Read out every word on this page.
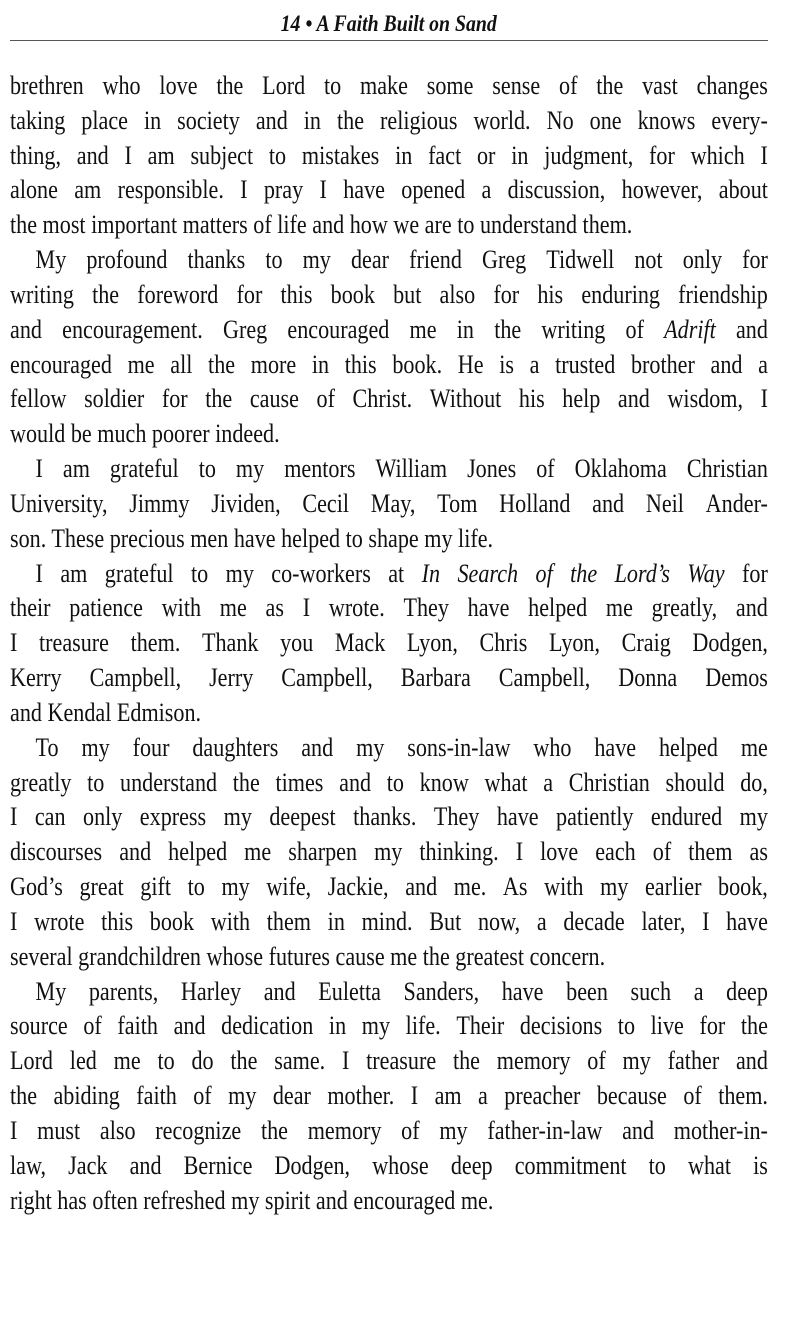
14 • A Faith Built on Sand
brethren who love the Lord to make some sense of the vast changes
taking place in society and in the religious world. No one knows every-
thing, and I am subject to mistakes in fact or in judgment, for which I
alone am responsible. I pray I have opened a discussion, however, about
the most important matters of life and how we are to understand them.
My profound thanks to my dear friend Greg Tidwell not only for
writing the foreword for this book but also for his enduring friendship
and encouragement. Greg encouraged me in the writing of Adrift and
encouraged me all the more in this book. He is a trusted brother and a
fellow soldier for the cause of Christ. Without his help and wisdom, I
would be much poorer indeed.
I am grateful to my mentors William Jones of Oklahoma Christian
University, Jimmy Jividen, Cecil May, Tom Holland and Neil Ander-
son. These precious men have helped to shape my life.
I am grateful to my co-workers at In Search of the Lord’s Way for
their patience with me as I wrote. They have helped me greatly, and
I treasure them. Thank you Mack Lyon, Chris Lyon, Craig Dodgen,
Kerry Campbell, Jerry Campbell, Barbara Campbell, Donna Demos
and Kendal Edmison.
To my four daughters and my sons-in-law who have helped me
greatly to understand the times and to know what a Christian should do,
I can only express my deepest thanks. They have patiently endured my
discourses and helped me sharpen my thinking. I love each of them as
God’s great gift to my wife, Jackie, and me. As with my earlier book,
I wrote this book with them in mind. But now, a decade later, I have
several grandchildren whose futures cause me the greatest concern.
My parents, Harley and Euletta Sanders, have been such a deep
source of faith and dedication in my life. Their decisions to live for the
Lord led me to do the same. I treasure the memory of my father and
the abiding faith of my dear mother. I am a preacher because of them.
I must also recognize the memory of my father-in-law and mother-in-
law, Jack and Bernice Dodgen, whose deep commitment to what is
right has often refreshed my spirit and encouraged me.
